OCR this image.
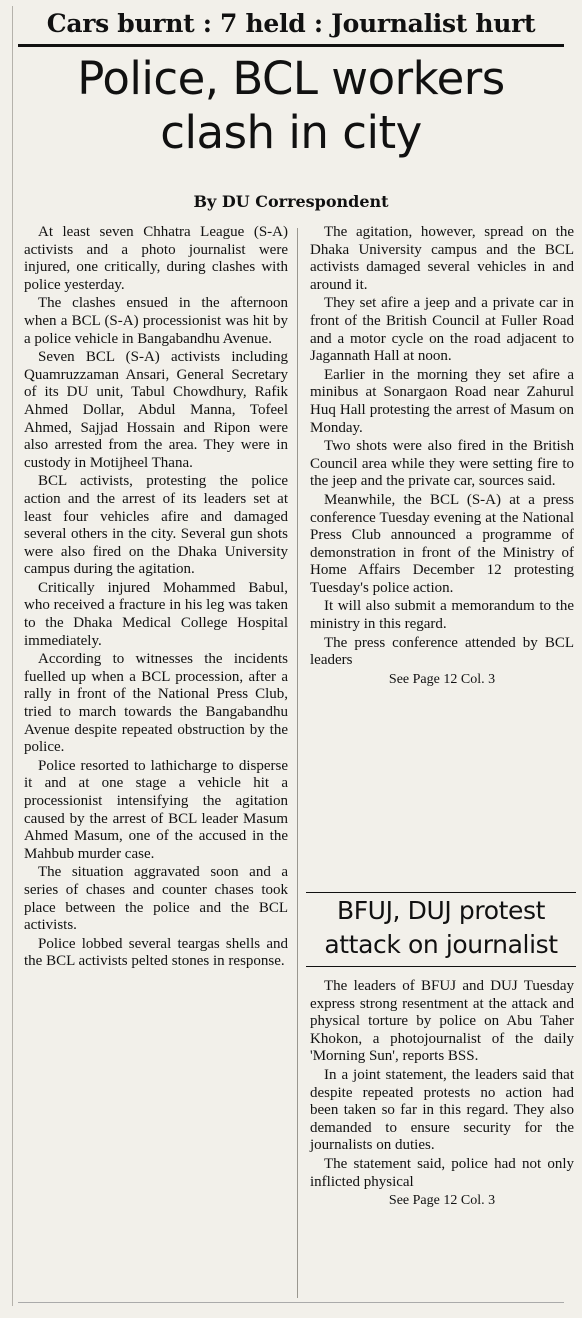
Cars burnt : 7 held : Journalist hurt
Police, BCL workers
clash in city
By DU Correspondent

At least seven Chhatra League (S-A) activists and a photo journalist were injured, one critically, during clashes with police yesterday.

The clashes ensued in the afternoon when a BCL (S-A) processionist was hit by a police vehicle in Bangabandhu Avenue.

Seven BCL (S-A) activists including Quamruzzaman Ansari, General Secretary of its DU unit, Tabul Chowdhury, Rafik Ahmed Dollar, Abdul Manna, Tofeel Ahmed, Sajjad Hossain and Ripon were also arrested from the area. They were in custody in Motijheel Thana.

BCL activists, protesting the police action and the arrest of its leaders set at least four vehicles afire and damaged several others in the city. Several gun shots were also fired on the Dhaka University campus during the agitation.

Critically injured Mohammed Babul, who received a fracture in his leg was taken to the Dhaka Medical College Hospital immediately.

According to witnesses the incidents fuelled up when a BCL procession, after a rally in front of the National Press Club, tried to march towards the Bangabandhu Avenue despite repeated obstruction by the police.

Police resorted to lathicharge to disperse it and at one stage a vehicle hit a processionist intensifying the agitation caused by the arrest of BCL leader Masum Ahmed Masum, one of the accused in the Mahbub murder case.

The situation aggravated soon and a series of chases and counter chases took place between the police and the BCL activists.

Police lobbed several teargas shells and the BCL activists pelted stones in response.

The agitation, however, spread on the Dhaka University campus and the BCL activists damaged several vehicles in and around it.

They set afire a jeep and a private car in front of the British Council at Fuller Road and a motor cycle on the road adjacent to Jagannath Hall at noon.

Earlier in the morning they set afire a minibus at Sonargaon Road near Zahurul Huq Hall protesting the arrest of Masum on Monday.

Two shots were also fired in the British Council area while they were setting fire to the jeep and the private car, sources said.

Meanwhile, the BCL (S-A) at a press conference Tuesday evening at the National Press Club announced a programme of demonstration in front of the Ministry of Home Affairs December 12 protesting Tuesday's police action.

It will also submit a memorandum to the ministry in this regard.

The press conference attended by BCL leaders

See Page 12 Col. 3

BFUJ, DUJ protest
attack on journalist

The leaders of BFUJ and DUJ Tuesday express strong resentment at the attack and physical torture by police on Abu Taher Khokon, a photojournalist of the daily 'Morning Sun', reports BSS.

In a joint statement, the leaders said that despite repeated protests no action had been taken so far in this regard. They also demanded to ensure security for the journalists on duties.

The statement said, police had not only inflicted physical

See Page 12 Col. 3
